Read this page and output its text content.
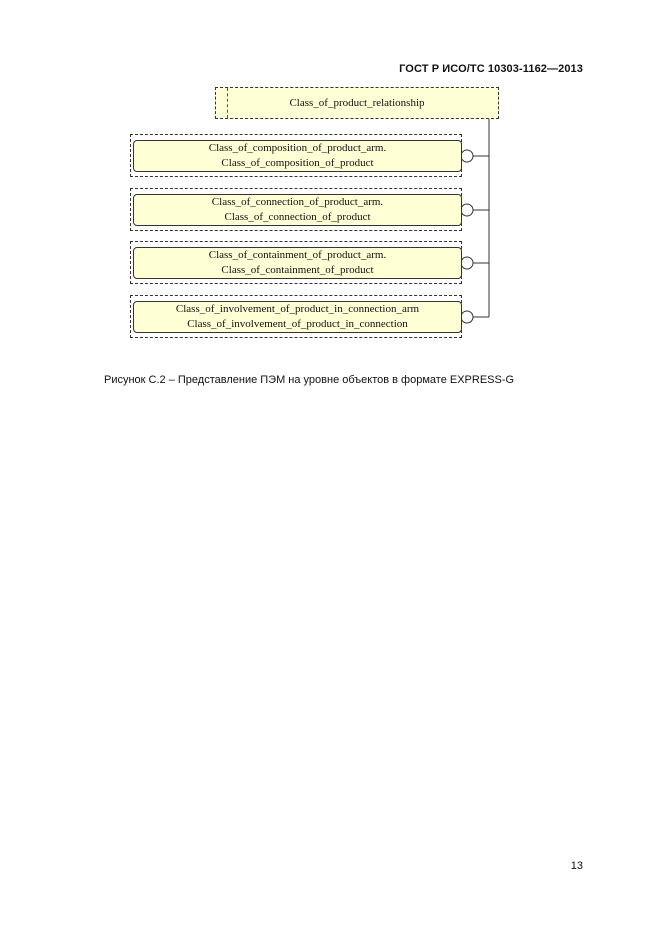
ГОСТ Р ИСО/ТС 10303-1162—2013
Class_of_product_relationship
Class_of_composition_of_product_arm.
Class_of_composition_of_product
Class_of_connection_of_product_arm.
Class_of_connection_of_product
Class_of_containment_of_product_arm.
Class_of_containment_of_product
Class_of_involvement_of_product_in_connection_arm
Class_of_involvement_of_product_in_connection
Рисунок С.2 – Представление ПЭМ на уровне объектов в формате EXPRESS-G
13
